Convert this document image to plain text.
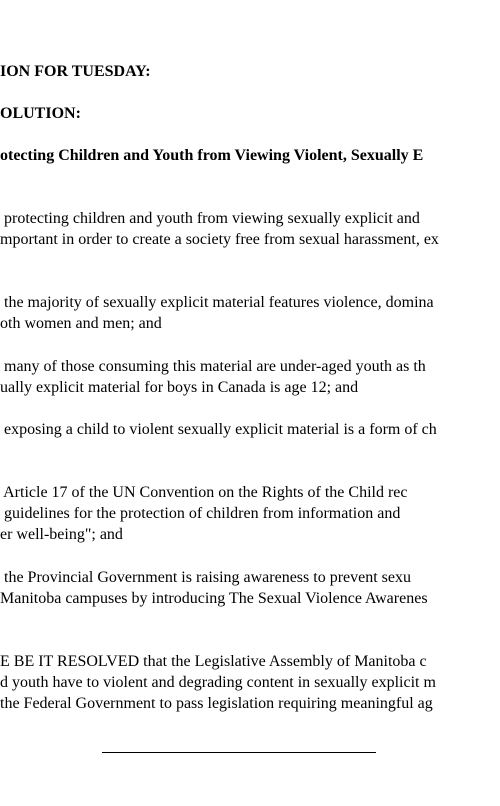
ION FOR TUESDAY:
OLUTION:
otecting Children and Youth from Viewing Violent, Sexually E
protecting children and youth from viewing sexually explicit and
mportant in order to create a society free from sexual harassment, ex
the majority of sexually explicit material features violence, domina
oth women and men; and
many of those consuming this material are under-aged youth as th
ually explicit material for boys in Canada is age 12; and
exposing a child to violent sexually explicit material is a form of ch
Article 17 of the UN Convention on the Rights of the Child rec
guidelines for the protection of children from information and
er well-being"; and
the Provincial Government is raising awareness to prevent sexu
Manitoba campuses by introducing The Sexual Violence Awarenes
E BE IT RESOLVED that the Legislative Assembly of Manitoba c
d youth have to violent and degrading content in sexually explicit m
the Federal Government to pass legislation requiring meaningful ag
